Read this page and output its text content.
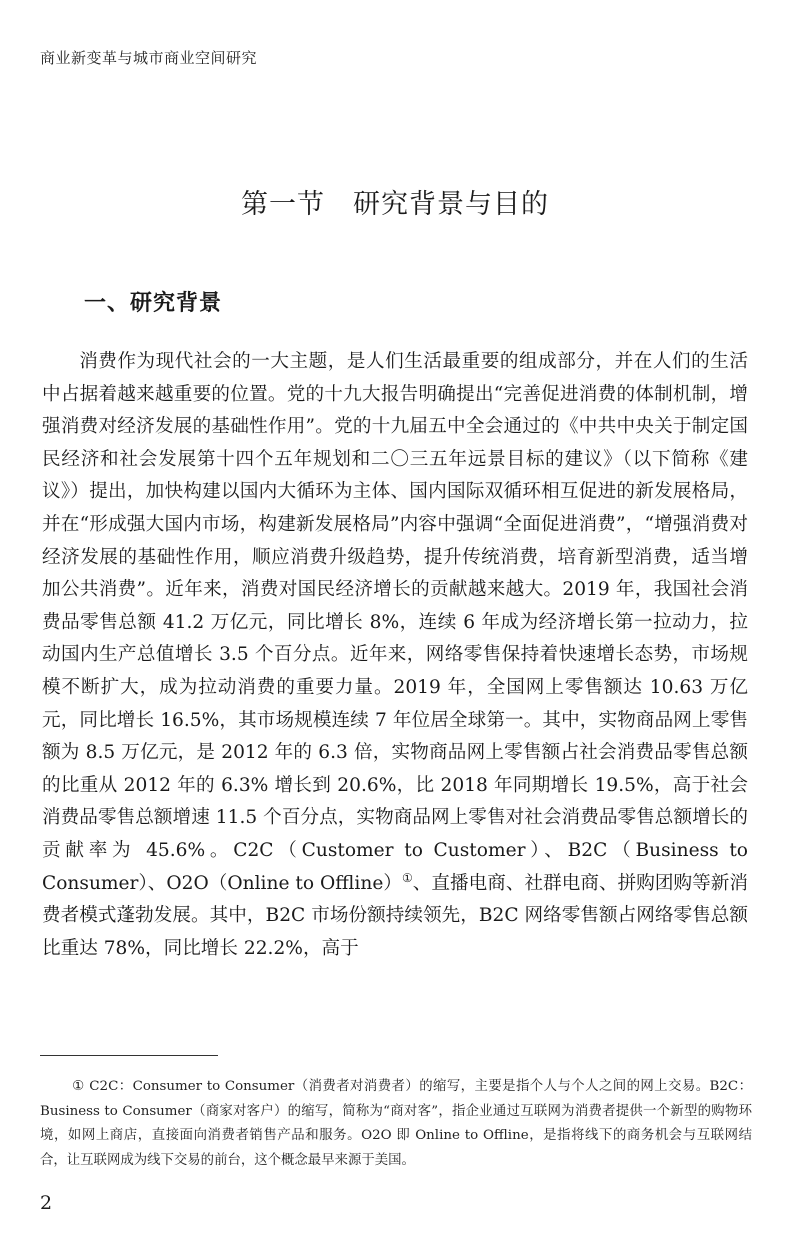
商业新变革与城市商业空间研究
第一节 研究背景与目的
一、研究背景

消费作为现代社会的一大主题，是人们生活最重要的组成部分，并在人们的生活中占据着越来越重要的位置。党的十九大报告明确提出“完善促进消费的体制机制，增强消费对经济发展的基础性作用”。党的十九届五中全会通过的《中共中央关于制定国民经济和社会发展第十四个五年规划和二〇三五年远景目标的建议》（以下简称《建议》）提出，加快构建以国内大循环为主体、国内国际双循环相互促进的新发展格局，并在“形成强大国内市场，构建新发展格局”内容中强调“全面促进消费”，“增强消费对经济发展的基础性作用，顺应消费升级趋势，提升传统消费，培育新型消费，适当增加公共消费”。近年来，消费对国民经济增长的贡献越来越大。2019 年，我国社会消费品零售总额 41.2 万亿元，同比增长 8%，连续 6 年成为经济增长第一拉动力，拉动国内生产总值增长 3.5 个百分点。近年来，网络零售保持着快速增长态势，市场规模不断扩大，成为拉动消费的重要力量。2019 年，全国网上零售额达 10.63 万亿元，同比增长 16.5%，其市场规模连续 7 年位居全球第一。其中，实物商品网上零售额为 8.5 万亿元，是 2012 年的 6.3 倍，实物商品网上零售额占社会消费品零售总额的比重从 2012 年的 6.3% 增长到 20.6%，比 2018 年同期增长 19.5%，高于社会消费品零售总额增速 11.5 个百分点，实物商品网上零售对社会消费品零售总额增长的贡献率为 45.6%。C2C（Customer to Customer）、B2C（Business to Consumer）、O2O（Online to Offline）①、直播电商、社群电商、拼购团购等新消费者模式蓬勃发展。其中，B2C 市场份额持续领先，B2C 网络零售额占网络零售总额比重达 78%，同比增长 22.2%，高于

① C2C：Consumer to Consumer（消费者对消费者）的缩写，主要是指个人与个人之间的网上交易。B2C：Business to Consumer（商家对客户）的缩写，简称为“商对客”，指企业通过互联网为消费者提供一个新型的购物环境，如网上商店，直接面向消费者销售产品和服务。O2O 即 Online to Offline，是指将线下的商务机会与互联网结合，让互联网成为线下交易的前台，这个概念最早来源于美国。

2
